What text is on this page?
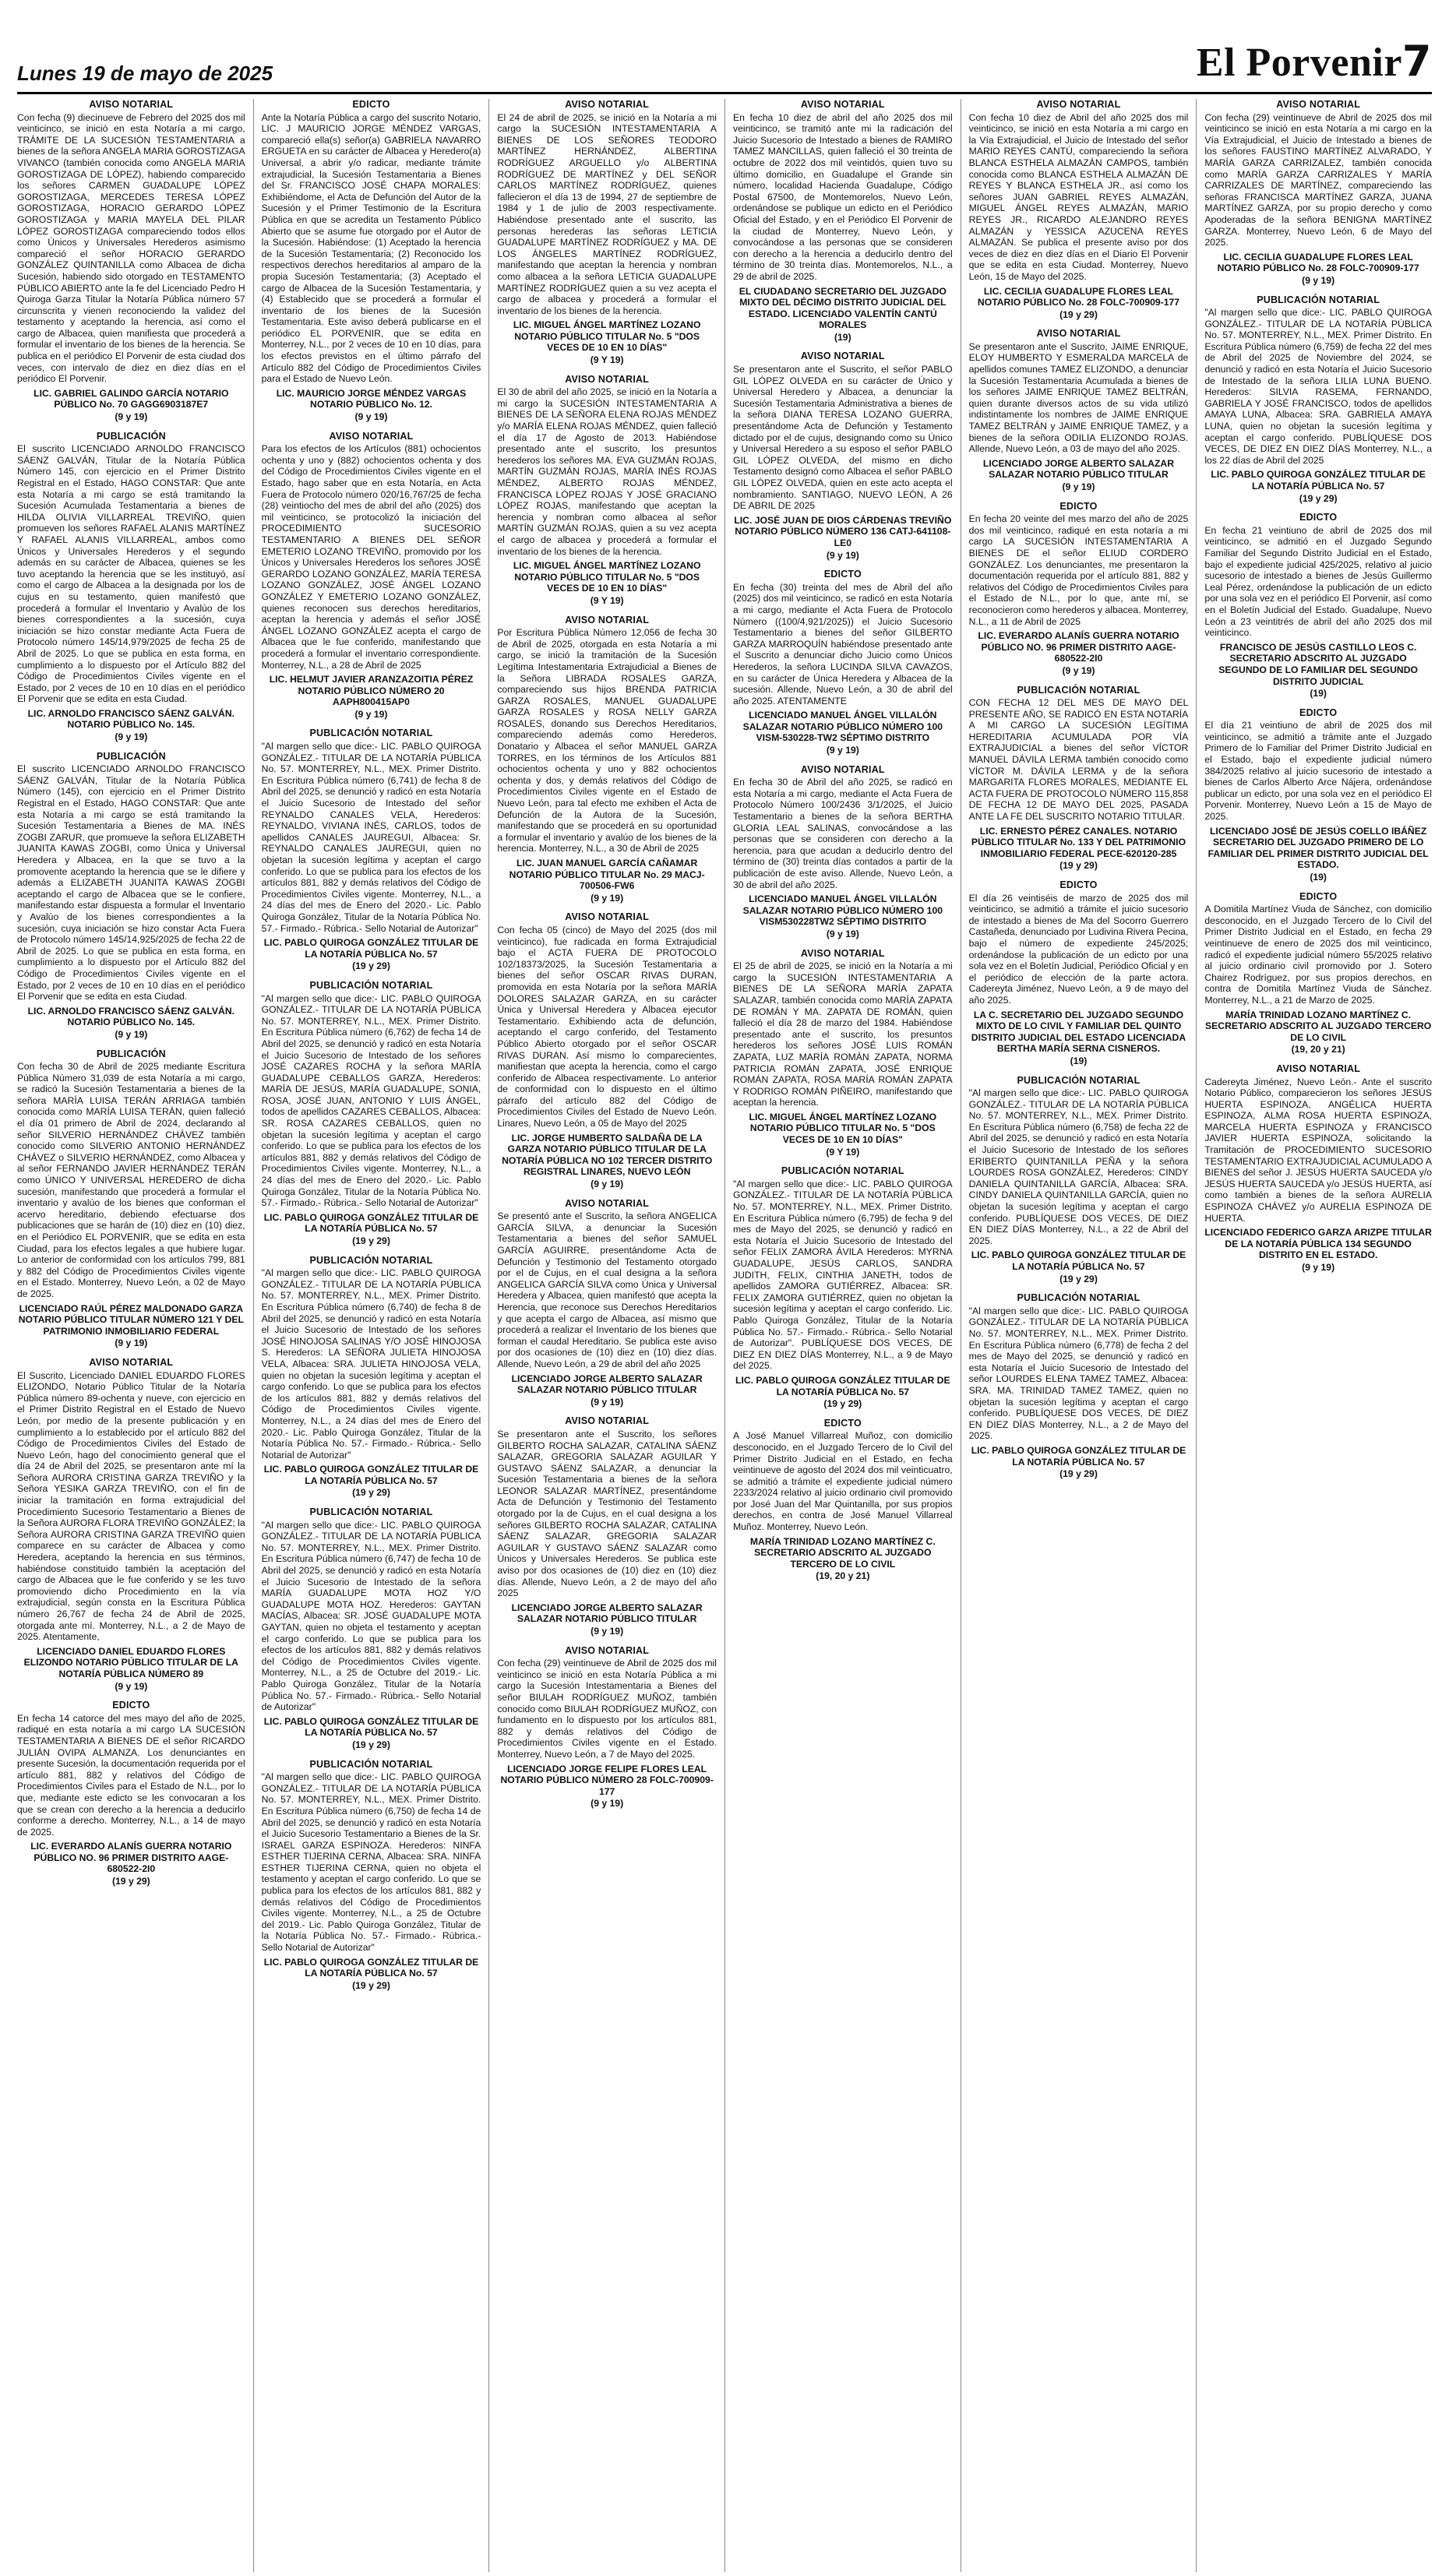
Lunes 19 de mayo de 2025	El Porvenir7
AVISO NOTARIAL
Con fecha (9) diecinueve de Febrero del 2025 dos mil veinticinco, se inició en esta Notaría a mi cargo, TRÁMITE DE LA SUCESIÓN TESTAMENTARIA a bienes de la señora ANGELA MARIA GOROSTIZAGA VIVANCO (también conocida como ANGELA MARIA GOROSTIZAGA DE LÓPEZ), habiendo comparecido los señores CARMEN GUADALUPE LÓPEZ GOROSTIZAGA, MERCEDES TERESA LÓPEZ GOROSTIZAGA, HORACIO GERARDO LÓPEZ GOROSTIZAGA y MARIA MAYELA DEL PILAR LÓPEZ GOROSTIZAGA compareciendo todos ellos como Únicos y Universales Herederos asimismo compareció el señor HORACIO GERARDO GONZÁLEZ QUINTANILLA como Albacea de dicha Sucesión, habiendo sido otorgado en TESTAMENTO PÚBLICO ABIERTO ante la fe del Licenciado Pedro H Quiroga Garza Titular la Notaría Pública número 57 circunscrita y vienen reconociendo la validez del testamento y aceptando la herencia, así como el cargo de Albacea, quien manifiesta que procederá a formular el inventario de los bienes de la herencia. Se publica en el periódico El Porvenir de esta ciudad dos veces, con intervalo de diez en diez días en el periódico El Porvenir.
LIC. GABRIEL GALINDO GARCÍA NOTARIO PÚBLICO No. 70 GAGG6903187E7
(9 y 19)
PUBLICACIÓN
El suscrito LICENCIADO ARNOLDO FRANCISCO SÁENZ GALVÁN, Titular de la Notaría Pública Número 145, con ejercicio en el Primer Distrito Registral en el Estado, HAGO CONSTAR: Que ante esta Notaría a mi cargo se está tramitando la Sucesión Acumulada Testamentaria a bienes de HILDA OLIVIA VILLARREAL TREVIÑO, quien promueven los señores RAFAEL ALANIS MARTÍNEZ Y RAFAEL ALANIS VILLARREAL, ambos como Únicos y Universales Herederos y el segundo además en su carácter de Albacea, quienes se les tuvo aceptando la herencia que se les instituyó, así como el cargo de Albacea a la designada por los de cujus en su testamento, quien manifestó que procederá a formular el Inventario y Avalúo de los bienes correspondientes a la sucesión, cuya iniciación se hizo constar mediante Acta Fuera de Protocolo número 145/14,979/2025 de fecha 25 de Abril de 2025. Lo que se publica en esta forma, en cumplimiento a lo dispuesto por el Artículo 882 del Código de Procedimientos Civiles vigente en el Estado, por 2 veces de 10 en 10 días en el periódico El Porvenir que se edita en esta Ciudad.
LIC. ARNOLDO FRANCISCO SÁENZ GALVÁN. NOTARIO PÚBLICO No. 145.
(9 y 19)
PUBLICACIÓN
El suscrito LICENCIADO ARNOLDO FRANCISCO SÁENZ GALVÁN, Titular de la Notaría Pública Número (145), con ejercicio en el Primer Distrito Registral en el Estado, HAGO CONSTAR: Que ante esta Notaría a mi cargo se está tramitando la Sucesión Testamentaria a Bienes de MA. INÉS ZOGBI ZARUR, que promueve la señora ELIZABETH JUANITA KAWAS ZOGBI, como Única y Universal Heredera y Albacea, en la que se tuvo a la promovente aceptando la herencia que se le difiere y además a ELIZABETH JUANITA KAWAS ZOGBI aceptando el cargo de Albacea que se le confiere, manifestando estar dispuesta a formular el Inventario y Avalúo de los bienes correspondientes a la sucesión, cuya iniciación se hizo constar Acta Fuera de Protocolo número 145/14,925/2025 de fecha 22 de Abril de 2025. Lo que se publica en esta forma, en cumplimiento a lo dispuesto por el Artículo 882 del Código de Procedimientos Civiles vigente en el Estado, por 2 veces de 10 en 10 días en el periódico El Porvenir que se edita en esta Ciudad.
LIC. ARNOLDO FRANCISCO SÁENZ GALVÁN. NOTARIO PÚBLICO No. 145.
(9 y 19)
PUBLICACIÓN
Con fecha 30 de Abril de 2025 mediante Escritura Pública Número 31,039 de esta Notaría a mi cargo, se radicó la Sucesión Testamentaria a bienes de la señora MARÍA LUISA TERÁN ARRIAGA también conocida como MARÍA LUISA TERÁN, quien falleció el día 01 primero de Abril de 2024, declarando al señor SILVERIO HERNÁNDEZ CHÁVEZ también conocido como SILVERIO ANTONIO HERNÁNDEZ CHÁVEZ o SILVERIO HERNÁNDEZ, como Albacea y al señor FERNANDO JAVIER HERNÁNDEZ TERÁN como ÚNICO Y UNIVERSAL HEREDERO de dicha sucesión, manifestando que procederá a formular el inventario y avalúo de los bienes que conforman el acervo hereditario, debiendo efectuarse dos publicaciones que se harán de (10) diez en (10) diez, en el Periódico EL PORVENIR, que se edita en esta Ciudad, para los efectos legales a que hubiere lugar. Lo anterior de conformidad con los artículos 799, 881 y 882 del Código de Procedimientos Civiles vigente en el Estado. Monterrey, Nuevo León, a 02 de Mayo de 2025.
LICENCIADO RAÚL PÉREZ MALDONADO GARZA NOTARIO PÚBLICO TITULAR NÚMERO 121 Y DEL PATRIMONIO INMOBILIARIO FEDERAL
(9 y 19)
AVISO NOTARIAL
El Suscrito, Licenciado DANIEL EDUARDO FLORES ELIZONDO, Notario Público Titular de la Notaría Pública número 89-ochenta y nueve, con ejercicio en el Primer Distrito Registral en el Estado de Nuevo León, por medio de la presente publicación y en cumplimiento a lo establecido por el artículo 882 del Código de Procedimientos Civiles del Estado de Nuevo León, hago del conocimiento general que el día 24 de Abril del 2025, se presentaron ante mí la Señora AURORA CRISTINA GARZA TREVIÑO y la Señora YESIKA GARZA TREVIÑO, con el fin de iniciar la tramitación en forma extrajudicial del Procedimiento Sucesorio Testamentario a Bienes de la Señora AURORA FLORA TREVIÑO GONZÁLEZ; la Señora AURORA CRISTINA GARZA TREVIÑO quien comparece en su carácter de Albacea y como Heredera, aceptando la herencia en sus términos, habiéndose constituido también la aceptación del cargo de Albacea que le fue conferido y se les tuvo promoviendo dicho Procedimiento en la vía extrajudicial, según consta en la Escritura Pública número 26,767 de fecha 24 de Abril de 2025, otorgada ante mí. Monterrey, N.L., a 2 de Mayo de 2025. Atentamente,
LICENCIADO DANIEL EDUARDO FLORES ELIZONDO NOTARIO PÚBLICO TITULAR DE LA NOTARÍA PÚBLICA NÚMERO 89
(9 y 19)
EDICTO
En fecha 14 catorce del mes mayo del año de 2025, radiqué en esta notaría a mi cargo LA SUCESIÓN TESTAMENTARIA A BIENES DE el señor RICARDO JULIÁN OVIPA ALMANZA. Los denunciantes en presente Sucesión, la documentación requerida por el artículo 881, 882 y relativos del Código de Procedimientos Civiles para el Estado de N.L., por lo que, mediante este edicto se les convocaran a los que se crean con derecho a la herencia a deducirlo conforme a derecho. Monterrey, N.L., a 14 de mayo de 2025.
LIC. EVERARDO ALANÍS GUERRA NOTARIO PÚBLICO NO. 96 PRIMER DISTRITO AAGE-680522-2I0
(19 y 29)
EDICTO
Ante la Notaría Pública a cargo del suscrito Notario, LIC. J MAURICIO JORGE MÉNDEZ VARGAS, compareció ella(s) señor(a) GABRIELA NAVARRO ERGUETA en su carácter de Albacea y Heredero(a) Universal, a abrir y/o radicar, mediante trámite extrajudicial, la Sucesión Testamentaria a Bienes del Sr. FRANCISCO JOSÉ CHAPA MORALES: Exhibiéndome, el Acta de Defunción del Autor de la Sucesión y el Primer Testimonio de la Escritura Pública en que se acredita un Testamento Público Abierto que se asume fue otorgado por el Autor de la Sucesión. Habiéndose: (1) Aceptado la herencia de la Sucesión Testamentaria; (2) Reconocido los respectivos derechos hereditarios al amparo de la propia Sucesión Testamentaria; (3) Aceptado el cargo de Albacea de la Sucesión Testamentaria, y (4) Establecido que se procederá a formular el inventario de los bienes de la Sucesión Testamentaria. Este aviso deberá publicarse en el periódico EL PORVENIR, que se edita en Monterrey, N.L., por 2 veces de 10 en 10 días, para los efectos previstos en el último párrafo del Artículo 882 del Código de Procedimientos Civiles para el Estado de Nuevo León.
LIC. MAURICIO JORGE MÉNDEZ VARGAS NOTARIO PÚBLICO No. 12.
(9 y 19)
AVISO NOTARIAL
Para los efectos de los Artículos (881) ochocientos ochenta y uno y (882) ochocientos ochenta y dos del Código de Procedimientos Civiles vigente en el Estado, hago saber que en esta Notaría, en Acta Fuera de Protocolo número 020/16,767/25 de fecha (28) veintiocho del mes de abril del año (2025) dos mil veinticinco, se protocolizó la iniciación del PROCEDIMIENTO SUCESORIO TESTAMENTARIO A BIENES DEL SEÑOR EMETERIO LOZANO TREVIÑO, promovido por los Únicos y Universales Herederos los señores JOSÉ GERARDO LOZANO GONZÁLEZ, MARÍA TERESA LOZANO GONZÁLEZ, JOSÉ ÁNGEL LOZANO GONZÁLEZ Y EMETERIO LOZANO GONZÁLEZ, quienes reconocen sus derechos hereditarios, aceptan la herencia y además el señor JOSÉ ÁNGEL LOZANO GONZÁLEZ acepta el cargo de Albacea que le fue conferido, manifestando que procederá a formular el inventario correspondiente. Monterrey, N.L., a 28 de Abril de 2025
LIC. HELMUT JAVIER ARANZAZOITIA PÉREZ NOTARIO PÚBLICO NÚMERO 20 AAPH800415AP0
(9 y 19)
PUBLICACIÓN NOTARIAL
"Al margen sello que dice:- LIC. PABLO QUIROGA GONZÁLEZ.- TITULAR DE LA NOTARÍA PÚBLICA No. 57. MONTERREY, N.L., MEX. Primer Distrito. En Escritura Pública número (6,741) de fecha 8 de Abril del 2025, se denunció y radicó en esta Notaría el Juicio Sucesorio de Intestado del señor REYNALDO CANALES VELA, Herederos: REYNALDO, VIVIANA INÉS, CARLOS, todos de apellidos CANALES JAUREGUI, Albacea: Sr. REYNALDO CANALES JAUREGUI, quien no objetan la sucesión legítima y aceptan el cargo conferido. Lo que se publica para los efectos de los artículos 881, 882 y demás relativos del Código de Procedimientos Civiles vigente. Monterrey, N.L., a 24 días del mes de Enero del 2020.- Lic. Pablo Quiroga González, Titular de la Notaría Pública No. 57.- Firmado.- Rúbrica.- Sello Notarial de Autorizar"
LIC. PABLO QUIROGA GONZÁLEZ TITULAR DE LA NOTARÍA PÚBLICA No. 57
(19 y 29)
PUBLICACIÓN NOTARIAL
"Al margen sello que dice:- LIC. PABLO QUIROGA GONZÁLEZ.- TITULAR DE LA NOTARÍA PÚBLICA No. 57. MONTERREY, N.L., MEX. Primer Distrito. En Escritura Pública número (6,762) de fecha 14 de Abril del 2025, se denunció y radicó en esta Notaría el Juicio Sucesorio de Intestado de los señores JOSÉ CAZARES ROCHA y la señora MARÍA GUADALUPE CEBALLOS GARZA, Herederos: MARÍA DE JESÚS, MARÍA GUADALUPE, SONIA, ROSA, JOSÉ JUAN, ANTONIO Y LUIS ÁNGEL, todos de apellidos CAZARES CEBALLOS, Albacea: SR. ROSA CAZARES CEBALLOS, quien no objetan la sucesión legítima y aceptan el cargo conferido. Lo que se publica para los efectos de los artículos 881, 882 y demás relativos del Código de Procedimientos Civiles vigente. Monterrey, N.L., a 24 días del mes de Enero del 2020.- Lic. Pablo Quiroga González, Titular de la Notaría Pública No. 57.- Firmado.- Rúbrica.- Sello Notarial de Autorizar"
LIC. PABLO QUIROGA GONZÁLEZ TITULAR DE LA NOTARÍA PÚBLICA No. 57
(19 y 29)
PUBLICACIÓN NOTARIAL
"Al margen sello que dice:- LIC. PABLO QUIROGA GONZÁLEZ.- TITULAR DE LA NOTARÍA PÚBLICA No. 57. MONTERREY, N.L., MEX. Primer Distrito. En Escritura Pública número (6,740) de fecha 8 de Abril del 2025, se denunció y radicó en esta Notaría el Juicio Sucesorio de Intestado de los señores JOSÉ HINOJOSA SALINAS Y/O JOSÉ HINOJOSA S. Herederos: LA SEÑORA JULIETA HINOJOSA VELA, Albacea: SRA. JULIETA HINOJOSA VELA, quien no objetan la sucesión legítima y aceptan el cargo conferido. Lo que se publica para los efectos de los artículos 881, 882 y demás relativos del Código de Procedimientos Civiles vigente. Monterrey, N.L., a 24 días del mes de Enero del 2020.- Lic. Pablo Quiroga González, Titular de la Notaría Pública No. 57.- Firmado.- Rúbrica.- Sello Notarial de Autorizar"
LIC. PABLO QUIROGA GONZÁLEZ TITULAR DE LA NOTARÍA PÚBLICA No. 57
(19 y 29)
PUBLICACIÓN NOTARIAL
"Al margen sello que dice:- LIC. PABLO QUIROGA GONZÁLEZ.- TITULAR DE LA NOTARÍA PÚBLICA No. 57. MONTERREY, N.L., MEX. Primer Distrito. En Escritura Pública número (6,747) de fecha 10 de Abril del 2025, se denunció y radicó en esta Notaría el Juicio Sucesorio de Intestado de la señora MARÍA GUADALUPE MOTA HOZ Y/O GUADALUPE MOTA HOZ. Herederos: GAYTAN MACÍAS, Albacea: SR. JOSÉ GUADALUPE MOTA GAYTAN, quien no objeta el testamento y aceptan el cargo conferido. Lo que se publica para los efectos de los artículos 881, 882 y demás relativos del Código de Procedimientos Civiles vigente. Monterrey, N.L., a 25 de Octubre del 2019.- Lic. Pablo Quiroga González, Titular de la Notaría Pública No. 57.- Firmado.- Rúbrica.- Sello Notarial de Autorizar"
LIC. PABLO QUIROGA GONZÁLEZ TITULAR DE LA NOTARÍA PÚBLICA No. 57
(19 y 29)
PUBLICACIÓN NOTARIAL
"Al margen sello que dice:- LIC. PABLO QUIROGA GONZÁLEZ.- TITULAR DE LA NOTARÍA PÚBLICA No. 57. MONTERREY, N.L., MEX. Primer Distrito. En Escritura Pública número (6,750) de fecha 14 de Abril del 2025, se denunció y radicó en esta Notaría el Juicio Sucesorio Testamentario a Bienes de la Sr. ISRAEL GARZA ESPINOZA. Herederos: NINFA ESTHER TIJERINA CERNA, Albacea: SRA. NINFA ESTHER TIJERINA CERNA, quien no objeta el testamento y aceptan el cargo conferido. Lo que se publica para los efectos de los artículos 881, 882 y demás relativos del Código de Procedimientos Civiles vigente. Monterrey, N.L., a 25 de Octubre del 2019.- Lic. Pablo Quiroga González, Titular de la Notaría Pública No. 57.- Firmado.- Rúbrica.- Sello Notarial de Autorizar"
LIC. PABLO QUIROGA GONZÁLEZ TITULAR DE LA NOTARÍA PÚBLICA No. 57
(19 y 29)
AVISO NOTARIAL
El 24 de abril de 2025, se inició en la Notaría a mi cargo la SUCESIÓN INTESTAMENTARIA A BIENES DE LOS SEÑORES TEODORO MARTÍNEZ HERNÁNDEZ, ALBERTINA RODRÍGUEZ ARGUELLO y/o ALBERTINA RODRÍGUEZ DE MARTÍNEZ y DEL SEÑOR CARLOS MARTÍNEZ RODRÍGUEZ, quienes fallecieron el día 13 de 1994, 27 de septiembre de 1984 y 1 de julio de 2003 respectivamente. Habiéndose presentado ante el suscrito, las personas herederas las señoras LETICIA GUADALUPE MARTÍNEZ RODRÍGUEZ y MA. DE LOS ÁNGELES MARTÍNEZ RODRÍGUEZ, manifestando que aceptan la herencia y nombran como albacea a la señora LETICIA GUADALUPE MARTÍNEZ RODRÍGUEZ quien a su vez acepta el cargo de albacea y procederá a formular el inventario de los bienes de la herencia.
LIC. MIGUEL ÁNGEL MARTÍNEZ LOZANO NOTARIO PÚBLICO TITULAR No. 5 "DOS VECES DE 10 EN 10 DÍAS"
(9 Y 19)
AVISO NOTARIAL
El 30 de abril del año 2025, se inició en la Notaría a mi cargo la SUCESIÓN INTESTAMENTARIA A BIENES DE LA SEÑORA ELENA ROJAS MÉNDEZ y/o MARÍA ELENA ROJAS MÉNDEZ, quien falleció el día 17 de Agosto de 2013. Habiéndose presentado ante el suscrito, los presuntos herederos los señores MA. EVA GUZMÁN ROJAS, MARTÍN GUZMÁN ROJAS, MARÍA INÉS ROJAS MÉNDEZ, ALBERTO ROJAS MÉNDEZ, FRANCISCA LÓPEZ ROJAS Y JOSÉ GRACIANO LÓPEZ ROJAS, manifestando que aceptan la herencia y nombran como albacea al señor MARTÍN GUZMÁN ROJAS, quien a su vez acepta el cargo de albacea y procederá a formular el inventario de los bienes de la herencia.
LIC. MIGUEL ÁNGEL MARTÍNEZ LOZANO NOTARIO PÚBLICO TITULAR No. 5 "DOS VECES DE 10 EN 10 DÍAS"
(9 Y 19)
AVISO NOTARIAL
Por Escritura Pública Número 12,056 de fecha 30 de Abril de 2025, otorgada en esta Notaría a mi cargo, se inició la tramitación de la Sucesión Legítima Intestamentaria Extrajudicial a Bienes de la Señora LIBRADA ROSALES GARZA, compareciendo sus hijos BRENDA PATRICIA GARZA ROSALES, MANUEL GUADALUPE GARZA ROSALES y ROSA NELLY GARZA ROSALES, donando sus Derechos Hereditarios, compareciendo además como Herederos, Donatario y Albacea el señor MANUEL GARZA TORRES, en los términos de los Artículos 881 ochocientos ochenta y uno y 882 ochocientos ochenta y dos, y demás relativos del Código de Procedimientos Civiles vigente en el Estado de Nuevo León, para tal efecto me exhiben el Acta de Defunción de la Autora de la Sucesión, manifestando que se procederá en su oportunidad a formular el inventario y avalúo de los bienes de la herencia. Monterrey, N.L., a 30 de Abril de 2025
LIC. JUAN MANUEL GARCÍA CAÑAMAR NOTARIO PÚBLICO TITULAR No. 29 MACJ-700506-FW6
(9 y 19)
AVISO NOTARIAL
Con fecha 05 (cinco) de Mayo del 2025 (dos mil veinticinco), fue radicada en forma Extrajudicial bajo el ACTA FUERA DE PROTOCOLO 102/18373/2025, la Sucesión Testamentaria a bienes del señor OSCAR RIVAS DURAN, promovida en esta Notaría por la señora MARÍA DOLORES SALAZAR GARZA, en su carácter Única y Universal Heredera y Albacea ejecutor Testamentario. Exhibiendo acta de defunción, aceptando el cargo conferido, del Testamento Público Abierto otorgado por el señor OSCAR RIVAS DURAN. Así mismo lo comparecientes, manifiestan que acepta la herencia, como el cargo conferido de Albacea respectivamente. Lo anterior de conformidad con lo dispuesto en el último párrafo del artículo 882 del Código de Procedimientos Civiles del Estado de Nuevo León. Linares, Nuevo León, a 05 de Mayo del 2025
LIC. JORGE HUMBERTO SALDAÑA DE LA GARZA NOTARIO PÚBLICO TITULAR DE LA NOTARÍA PÚBLICA NO 102 TERCER DISTRITO REGISTRAL LINARES, NUEVO LEÓN
(9 y 19)
AVISO NOTARIAL
Se presentó ante el Suscrito, la señora ANGELICA GARCÍA SILVA, a denunciar la Sucesión Testamentaria a bienes del señor SAMUEL GARCÍA AGUIRRE, presentándome Acta de Defunción y Testimonio del Testamento otorgado por el de Cujus, en el cual designa a la señora ANGELICA GARCÍA SILVA como Única y Universal Heredera y Albacea, quien manifestó que acepta la Herencia, que reconoce sus Derechos Hereditarios y que acepta el cargo de Albacea, así mismo que procederá a realizar el Inventario de los bienes que forman el caudal Hereditario. Se publica este aviso por dos ocasiones de (10) diez en (10) diez días. Allende, Nuevo León, a 29 de abril del año 2025
LICENCIADO JORGE ALBERTO SALAZAR SALAZAR NOTARIO PÚBLICO TITULAR
(9 y 19)
AVISO NOTARIAL
Se presentaron ante el Suscrito, los señores GILBERTO ROCHA SALAZAR, CATALINA SÁENZ SALAZAR, GREGORIA SALAZAR AGUILAR Y GUSTAVO SÁENZ SALAZAR, a denunciar la Sucesión Testamentaria a bienes de la señora LEONOR SALAZAR MARTÍNEZ, presentándome Acta de Defunción y Testimonio del Testamento otorgado por la de Cujus, en el cual designa a los señores GILBERTO ROCHA SALAZAR, CATALINA SÁENZ SALAZAR, GREGORIA SALAZAR AGUILAR Y GUSTAVO SÁENZ SALAZAR como Únicos y Universales Herederos. Se publica este aviso por dos ocasiones de (10) diez en (10) diez días. Allende, Nuevo León, a 2 de mayo del año 2025
LICENCIADO JORGE ALBERTO SALAZAR SALAZAR NOTARIO PÚBLICO TITULAR
(9 y 19)
AVISO NOTARIAL
Con fecha (29) veintinueve de Abril de 2025 dos mil veinticinco se inició en esta Notaría Pública a mi cargo la Sucesión Intestamentaria a Bienes del señor BIULAH RODRÍGUEZ MUÑOZ, también conocido como BIULAH RODRÍGUEZ MUÑOZ, con fundamento en lo dispuesto por los artículos 881, 882 y demás relativos del Código de Procedimientos Civiles vigente en el Estado. Monterrey, Nuevo León, a 7 de Mayo del 2025.
LICENCIADO JORGE FELIPE FLORES LEAL NOTARIO PÚBLICO NÚMERO 28 FOLC-700909-177
(9 y 19)
AVISO NOTARIAL
En fecha 10 diez de abril del año 2025 dos mil veinticinco, se tramitó ante mi la radicación del Juicio Sucesorio de Intestado a bienes de RAMIRO TAMEZ MANCILLAS, quien falleció el 30 treinta de octubre de 2022 dos mil veintidós, quien tuvo su último domicilio, en Guadalupe el Grande sin número, localidad Hacienda Guadalupe, Código Postal 67500, de Montemorelos, Nuevo León, ordenándose se publique un edicto en el Periódico Oficial del Estado, y en el Periódico El Porvenir de la ciudad de Monterrey, Nuevo León, y convocándose a las personas que se consideren con derecho a la herencia a deducirlo dentro del término de 30 treinta días. Montemorelos, N.L., a 29 de abril de 2025.
EL CIUDADANO SECRETARIO DEL JUZGADO MIXTO DEL DÉCIMO DISTRITO JUDICIAL DEL ESTADO. LICENCIADO VALENTÍN CANTÚ MORALES
(19)
AVISO NOTARIAL
Se presentaron ante el Suscrito, el señor PABLO GIL LÓPEZ OLVEDA en su carácter de Único y Universal Heredero y Albacea, a denunciar la Sucesión Testamentaria Administrativa a bienes de la señora DIANA TERESA LOZANO GUERRA, presentándome Acta de Defunción y Testamento dictado por el de cujus, designando como su Único y Universal Heredero a su esposo el señor PABLO GIL LÓPEZ OLVEDA, del mismo en dicho Testamento designó como Albacea el señor PABLO GIL LÓPEZ OLVEDA, quien en este acto acepta el nombramiento. SANTIAGO, NUEVO LEÓN, A 26 DE ABRIL DE 2025
LIC. JOSÉ JUAN DE DIOS CÁRDENAS TREVIÑO NOTARIO PÚBLICO NÚMERO 136 CATJ-641108-LE0
(9 y 19)
EDICTO
En fecha (30) treinta del mes de Abril del año (2025) dos mil veinticinco, se radicó en esta Notaría a mi cargo, mediante el Acta Fuera de Protocolo Número ((100/4,921/2025)) el Juicio Sucesorio Testamentario a bienes del señor GILBERTO GARZA MARROQUÍN habiéndose presentado ante el Suscrito a denunciar dicho Juicio como Únicos Herederos, la señora LUCINDA SILVA CAVAZOS, en su carácter de Única Heredera y Albacea de la sucesión. Allende, Nuevo León, a 30 de abril del año 2025. ATENTAMENTE
LICENCIADO MANUEL ÁNGEL VILLALÓN SALAZAR NOTARIO PÚBLICO NÚMERO 100 VISM-530228-TW2 SÉPTIMO DISTRITO
(9 y 19)
AVISO NOTARIAL
En fecha 30 de Abril del año 2025, se radicó en esta Notaría a mi cargo, mediante el Acta Fuera de Protocolo Número 100/2436 3/1/2025, el Juicio Testamentario a bienes de la señora BERTHA GLORIA LEAL SALINAS, convocándose a las personas que se consideren con derecho a la herencia, para que acudan a deducirlo dentro del término de (30) treinta días contados a partir de la publicación de este aviso. Allende, Nuevo León, a 30 de abril del año 2025.
LICENCIADO MANUEL ÁNGEL VILLALÓN SALAZAR NOTARIO PÚBLICO NÚMERO 100 VISM530228TW2 SÉPTIMO DISTRITO
(9 y 19)
AVISO NOTARIAL
El 25 de abril de 2025, se inició en la Notaría a mi cargo la SUCESIÓN INTESTAMENTARIA A BIENES DE LA SEÑORA MARÍA ZAPATA SALAZAR, también conocida como MARÍA ZAPATA DE ROMÁN Y MA. ZAPATA DE ROMÁN, quien falleció el día 28 de marzo del 1984. Habiéndose presentado ante el suscrito, los presuntos herederos los señores JOSÉ LUIS ROMÁN ZAPATA, LUZ MARÍA ROMÁN ZAPATA, NORMA PATRICIA ROMÁN ZAPATA, JOSÉ ENRIQUE ROMÁN ZAPATA, ROSA MARÍA ROMÁN ZAPATA Y RODRIGO ROMÁN PIÑEIRO, manifestando que aceptan la herencia.
LIC. MIGUEL ÁNGEL MARTÍNEZ LOZANO NOTARIO PÚBLICO TITULAR No. 5 "DOS VECES DE 10 EN 10 DÍAS"
(9 Y 19)
PUBLICACIÓN NOTARIAL
"Al margen sello que dice:- LIC. PABLO QUIROGA GONZÁLEZ.- TITULAR DE LA NOTARÍA PÚBLICA No. 57. MONTERREY, N.L., MEX. Primer Distrito. En Escritura Pública número (6,795) de fecha 9 del mes de Mayo del 2025, se denunció y radicó en esta Notaría el Juicio Sucesorio de Intestado del señor FELIX ZAMORA ÁVILA Herederos: MYRNA GUADALUPE, JESÚS CARLOS, SANDRA JUDITH, FELIX, CINTHIA JANETH, todos de apellidos ZAMORA GUTIÉRREZ, Albacea: SR. FELIX ZAMORA GUTIÉRREZ, quien no objetan la sucesión legítima y aceptan el cargo conferido. Lic. Pablo Quiroga González, Titular de la Notaría Pública No. 57.- Firmado.- Rúbrica.- Sello Notarial de Autorizar". PUBLÍQUESE DOS VECES, DE DIEZ EN DIEZ DÍAS Monterrey, N.L., a 9 de Mayo del 2025.
LIC. PABLO QUIROGA GONZÁLEZ TITULAR DE LA NOTARÍA PÚBLICA No. 57
(19 y 29)
EDICTO
A José Manuel Villarreal Muñoz, con domicilio desconocido, en el Juzgado Tercero de lo Civil del Primer Distrito Judicial en el Estado, en fecha veintinueve de agosto del 2024 dos mil veinticuatro, se admitió a trámite el expediente judicial número 2233/2024 relativo al juicio ordinario civil promovido por José Juan del Mar Quintanilla, por sus propios derechos, en contra de José Manuel Villarreal Muñoz. Monterrey, Nuevo León.
MARÍA TRINIDAD LOZANO MARTÍNEZ C. SECRETARIO ADSCRITO AL JUZGADO TERCERO DE LO CIVIL
(19, 20 y 21)
AVISO NOTARIAL
Con fecha 10 diez de Abril del año 2025 dos mil veinticinco, se inició en esta Notaría a mi cargo en la Vía Extrajudicial, el Juicio de Intestado del señor MARIO REYES CANTÚ, compareciendo la señora BLANCA ESTHELA ALMAZÁN CAMPOS, también conocida como BLANCA ESTHELA ALMAZÁN DE REYES Y BLANCA ESTHELA JR., así como los señores JUAN GABRIEL REYES ALMAZÁN, MIGUEL ÁNGEL REYES ALMAZÁN, MARIO REYES JR., RICARDO ALEJANDRO REYES ALMAZÁN y YESSICA AZUCENA REYES ALMAZÁN. Se publica el presente aviso por dos veces de diez en diez días en el Diario El Porvenir que se edita en esta Ciudad. Monterrey, Nuevo León, 15 de Mayo del 2025.
LIC. CECILIA GUADALUPE FLORES LEAL NOTARIO PÚBLICO No. 28 FOLC-700909-177
(19 y 29)
AVISO NOTARIAL
Se presentaron ante el Suscrito, JAIME ENRIQUE, ELOY HUMBERTO Y ESMERALDA MARCELA de apellidos comunes TAMEZ ELIZONDO, a denunciar la Sucesión Testamentaria Acumulada a bienes de los señores JAIME ENRIQUE TAMEZ BELTRÁN, quien durante diversos actos de su vida utilizó indistintamente los nombres de JAIME ENRIQUE TAMEZ BELTRÁN y JAIME ENRIQUE TAMEZ, y a bienes de la señora ODILIA ELIZONDO ROJAS. Allende, Nuevo León, a 03 de mayo del año 2025.
LICENCIADO JORGE ALBERTO SALAZAR SALAZAR NOTARIO PÚBLICO TITULAR
(9 y 19)
EDICTO
En fecha 20 veinte del mes marzo del año de 2025 dos mil veinticinco, radiqué en esta notaría a mi cargo LA SUCESIÓN INTESTAMENTARIA A BIENES DE el señor ELIUD CORDERO GONZÁLEZ. Los denunciantes, me presentaron la documentación requerida por el artículo 881, 882 y relativos del Código de Procedimientos Civiles para el Estado de N.L., por lo que, ante mí, se reconocieron como herederos y albacea. Monterrey, N.L., a 11 de Abril de 2025
LIC. EVERARDO ALANÍS GUERRA NOTARIO PÚBLICO NO. 96 PRIMER DISTRITO AAGE-680522-2I0
(9 y 19)
PUBLICACIÓN NOTARIAL
CON FECHA 12 DEL MES DE MAYO DEL PRESENTE AÑO, SE RADICÓ EN ESTA NOTARÍA A MI CARGO LA SUCESIÓN LEGÍTIMA HEREDITARIA ACUMULADA POR VÍA EXTRAJUDICIAL a bienes del señor VÍCTOR MANUEL DÁVILA LERMA también conocido como VÍCTOR M. DÁVILA LERMA y de la señora MARGARITA FLORES MORALES, MEDIANTE EL ACTA FUERA DE PROTOCOLO NÚMERO 115,858 DE FECHA 12 DE MAYO DEL 2025, PASADA ANTE LA FE DEL SUSCRITO NOTARIO TITULAR.
LIC. ERNESTO PÉREZ CANALES. NOTARIO PÚBLICO TITULAR No. 133 Y DEL PATRIMONIO INMOBILIARIO FEDERAL PECE-620120-285
(19 y 29)
EDICTO
El día 26 veintiséis de marzo de 2025 dos mil veinticinco, se admitió a trámite el juicio sucesorio de intestado a bienes de Ma del Socorro Guerrero Castañeda, denunciado por Ludivina Rivera Pecina, bajo el número de expediente 245/2025; ordenándose la publicación de un edicto por una sola vez en el Boletín Judicial, Periódico Oficial y en el periódico de elección de la parte actora. Cadereyta Jiménez, Nuevo León, a 9 de mayo del año 2025.
LA C. SECRETARIO DEL JUZGADO SEGUNDO MIXTO DE LO CIVIL Y FAMILIAR DEL QUINTO DISTRITO JUDICIAL DEL ESTADO LICENCIADA BERTHA MARÍA SERNA CISNEROS.
(19)
PUBLICACIÓN NOTARIAL
"Al margen sello que dice:- LIC. PABLO QUIROGA GONZÁLEZ.- TITULAR DE LA NOTARÍA PÚBLICA No. 57. MONTERREY, N.L., MEX. Primer Distrito. En Escritura Pública número (6,758) de fecha 22 de Abril del 2025, se denunció y radicó en esta Notaría el Juicio Sucesorio de Intestado de los señores ERIBERTO QUINTANILLA PEÑA y la señora LOURDES ROSA GONZÁLEZ, Herederos: CINDY DANIELA QUINTANILLA GARCÍA, Albacea: SRA. CINDY DANIELA QUINTANILLA GARCÍA, quien no objetan la sucesión legítima y aceptan el cargo conferido. PUBLÍQUESE DOS VECES, DE DIEZ EN DIEZ DÍAS Monterrey, N.L., a 22 de Abril del 2025.
LIC. PABLO QUIROGA GONZÁLEZ TITULAR DE LA NOTARÍA PÚBLICA No. 57
(19 y 29)
PUBLICACIÓN NOTARIAL
"Al margen sello que dice:- LIC. PABLO QUIROGA GONZÁLEZ.- TITULAR DE LA NOTARÍA PÚBLICA No. 57. MONTERREY, N.L., MEX. Primer Distrito. En Escritura Pública número (6,778) de fecha 2 del mes de Mayo del 2025, se denunció y radicó en esta Notaría el Juicio Sucesorio de Intestado del señor LOURDES ELENA TAMEZ TAMEZ, Albacea: SRA. MA. TRINIDAD TAMEZ TAMEZ, quien no objetan la sucesión legítima y aceptan el cargo conferido. PUBLÍQUESE DOS VECES, DE DIEZ EN DIEZ DÍAS Monterrey, N.L., a 2 de Mayo del 2025.
LIC. PABLO QUIROGA GONZÁLEZ TITULAR DE LA NOTARÍA PÚBLICA No. 57
(19 y 29)
AVISO NOTARIAL
Con fecha (29) veintinueve de Abril de 2025 dos mil veinticinco se inició en esta Notaría a mi cargo en la Vía Extrajudicial, el Juicio de Intestado a bienes de los señores FAUSTINO MARTÍNEZ ALVARADO, Y MARÍA GARZA CARRIZALEZ, también conocida como MARÍA GARZA CARRIZALES Y MARÍA CARRIZALES DE MARTÍNEZ, compareciendo las señoras FRANCISCA MARTÍNEZ GARZA, JUANA MARTÍNEZ GARZA, por su propio derecho y como Apoderadas de la señora BENIGNA MARTÍNEZ GARZA. Monterrey, Nuevo León, 6 de Mayo del 2025.
LIC. CECILIA GUADALUPE FLORES LEAL NOTARIO PÚBLICO No. 28 FOLC-700909-177
(9 y 19)
PUBLICACIÓN NOTARIAL
"Al margen sello que dice:- LIC. PABLO QUIROGA GONZÁLEZ.- TITULAR DE LA NOTARÍA PÚBLICA No. 57. MONTERREY, N.L., MEX. Primer Distrito. En Escritura Pública número (6,759) de fecha 22 del mes de Abril del 2025 de Noviembre del 2024, se denunció y radicó en esta Notaría el Juicio Sucesorio de Intestado de la señora LILIA LUNA BUENO. Herederos: SILVIA RASEMA, FERNANDO, GABRIELA Y JOSÉ FRANCISCO, todos de apellidos AMAYA LUNA, Albacea: SRA. GABRIELA AMAYA LUNA, quien no objetan la sucesión legítima y aceptan el cargo conferido. PUBLÍQUESE DOS VECES, DE DIEZ EN DIEZ DÍAS Monterrey, N.L., a los 22 días de Abril del 2025
LIC. PABLO QUIROGA GONZÁLEZ TITULAR DE LA NOTARÍA PÚBLICA No. 57
(19 y 29)
EDICTO
En fecha 21 veintiuno de abril de 2025 dos mil veinticinco, se admitió en el Juzgado Segundo Familiar del Segundo Distrito Judicial en el Estado, bajo el expediente judicial 425/2025, relativo al juicio sucesorio de intestado a bienes de Jesús Guillermo Leal Pérez, ordenándose la publicación de un edicto por una sola vez en el periódico El Porvenir, así como en el Boletín Judicial del Estado. Guadalupe, Nuevo León a 23 veintitrés de abril del año 2025 dos mil veinticinco.
FRANCISCO DE JESÚS CASTILLO LEOS C. SECRETARIO ADSCRITO AL JUZGADO SEGUNDO DE LO FAMILIAR DEL SEGUNDO DISTRITO JUDICIAL
(19)
EDICTO
El día 21 veintiuno de abril de 2025 dos mil veinticinco, se admitió a trámite ante el Juzgado Primero de lo Familiar del Primer Distrito Judicial en el Estado, bajo el expediente judicial número 384/2025 relativo al juicio sucesorio de intestado a bienes de Carlos Alberto Arce Nájera, ordenándose publicar un edicto, por una sola vez en el periódico El Porvenir. Monterrey, Nuevo León a 15 de Mayo de 2025.
LICENCIADO JOSÉ DE JESÚS COELLO IBÁÑEZ SECRETARIO DEL JUZGADO PRIMERO DE LO FAMILIAR DEL PRIMER DISTRITO JUDICIAL DEL ESTADO.
(19)
EDICTO
A Domitila Martínez Viuda de Sánchez, con domicilio desconocido, en el Juzgado Tercero de lo Civil del Primer Distrito Judicial en el Estado, en fecha 29 veintinueve de enero de 2025 dos mil veinticinco, radicó el expediente judicial número 55/2025 relativo al juicio ordinario civil promovido por J. Sotero Chairez Rodríguez, por sus propios derechos, en contra de Domitila Martínez Viuda de Sánchez. Monterrey, N.L., a 21 de Marzo de 2025.
MARÍA TRINIDAD LOZANO MARTÍNEZ C. SECRETARIO ADSCRITO AL JUZGADO TERCERO DE LO CIVIL
(19, 20 y 21)
AVISO NOTARIAL
Cadereyta Jiménez, Nuevo León.- Ante el suscrito Notario Público, comparecieron los señores JESÚS HUERTA ESPINOZA, ANGÉLICA HUERTA ESPINOZA, ALMA ROSA HUERTA ESPINOZA, MARCELA HUERTA ESPINOZA y FRANCISCO JAVIER HUERTA ESPINOZA, solicitando la Tramitación de PROCEDIMIENTO SUCESORIO TESTAMENTARIO EXTRAJUDICIAL ACUMULADO A BIENES del señor J. JESÚS HUERTA SAUCEDA y/o JESÚS HUERTA SAUCEDA y/o JESÚS HUERTA, así como también a bienes de la señora AURELIA ESPINOZA CHÁVEZ y/o AURELIA ESPINOZA DE HUERTA.
LICENCIADO FEDERICO GARZA ARIZPE TITULAR DE LA NOTARÍA PÚBLICA 134 SEGUNDO DISTRITO EN EL ESTADO.
(9 y 19)
